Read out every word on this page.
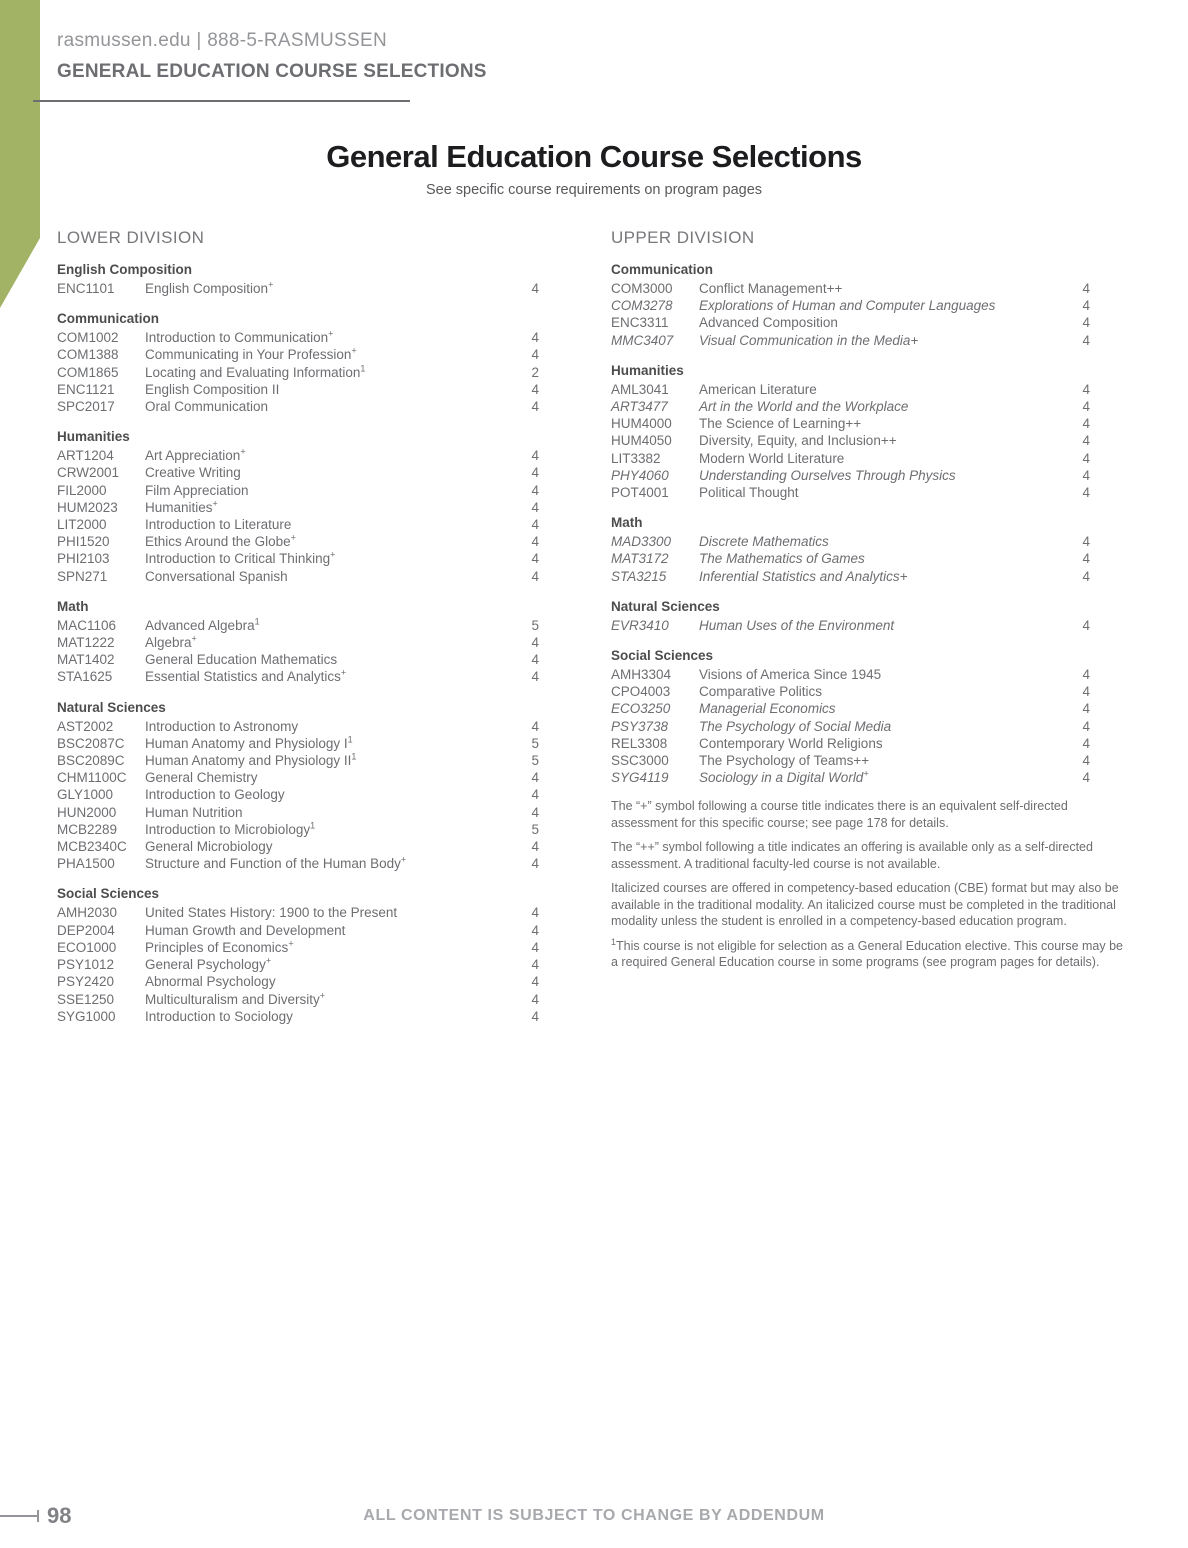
rasmussen.edu | 888-5-RASMUSSEN
GENERAL EDUCATION COURSE SELECTIONS
General Education Course Selections
See specific course requirements on program pages
LOWER DIVISION
English Composition
ENC1101	English Composition+	4
Communication
COM1002	Introduction to Communication+	4
COM1388	Communicating in Your Profession+	4
COM1865	Locating and Evaluating Information$^1$	2
ENC1121	English Composition II	4
SPC2017	Oral Communication	4
Humanities
ART1204	Art Appreciation+	4
CRW2001	Creative Writing	4
FIL2000	Film Appreciation	4
HUM2023	Humanities+	4
LIT2000	Introduction to Literature	4
PHI1520	Ethics Around the Globe+	4
PHI2103	Introduction to Critical Thinking+	4
SPN271	Conversational Spanish	4
Math
MAC1106	Advanced Algebra$^1$	5
MAT1222	Algebra+	4
MAT1402	General Education Mathematics	4
STA1625	Essential Statistics and Analytics+	4
Natural Sciences
AST2002	Introduction to Astronomy	4
BSC2087C	Human Anatomy and Physiology $I^1$	5
BSC2089C	Human Anatomy and Physiology $II^1$	5
CHM1100C	General Chemistry	4
GLY1000	Introduction to Geology	4
HUN2000	Human Nutrition	4
MCB2289	Introduction to Microbiology$^1$	5
MCB2340C	General Microbiology	4
PHA1500	Structure and Function of the Human Body+	4
Social Sciences
AMH2030	United States History: 1900 to the Present	4
DEP2004	Human Growth and Development	4
ECO1000	Principles of Economics+	4
PSY1012	General Psychology+	4
PSY2420	Abnormal Psychology	4
SSE1250	Multiculturalism and Diversity+	4
SYG1000	Introduction to Sociology	4
UPPER DIVISION
Communication
COM3000	Conflict Management++	4
COM3278	Explorations of Human and Computer Languages	4
ENC3311	Advanced Composition	4
MMC3407	Visual Communication in the Media+	4
Humanities
AML3041	American Literature	4
ART3477	Art in the World and the Workplace	4
HUM4000	The Science of Learning++	4
HUM4050	Diversity, Equity, and Inclusion++	4
LIT3382	Modern World Literature	4
PHY4060	Understanding Ourselves Through Physics	4
POT4001	Political Thought	4
Math
MAD3300	Discrete Mathematics	4
MAT3172	The Mathematics of Games	4
STA3215	Inferential Statistics and Analytics+	4
Natural Sciences
EVR3410	Human Uses of the Environment	4
Social Sciences
AMH3304	Visions of America Since 1945	4
CPO4003	Comparative Politics	4
ECO3250	Managerial Economics	4
PSY3738	The Psychology of Social Media	4
REL3308	Contemporary World Religions	4
SSC3000	The Psychology of Teams++	4
SYG4119	Sociology in a Digital World+	4
The “+” symbol following a course title indicates there is an equivalent self-directed assessment for this specific course; see page 178 for details.
The “++” symbol following a title indicates an offering is available only as a self-directed assessment. A traditional faculty-led course is not available.
Italicized courses are offered in competency-based education (CBE) format but may also be available in the traditional modality. An italicized course must be completed in the traditional modality unless the student is enrolled in a competency-based education program.
$^1$This course is not eligible for selection as a General Education elective. This course may be a required General Education course in some programs (see program pages for details).
98	ALL CONTENT IS SUBJECT TO CHANGE BY ADDENDUM
